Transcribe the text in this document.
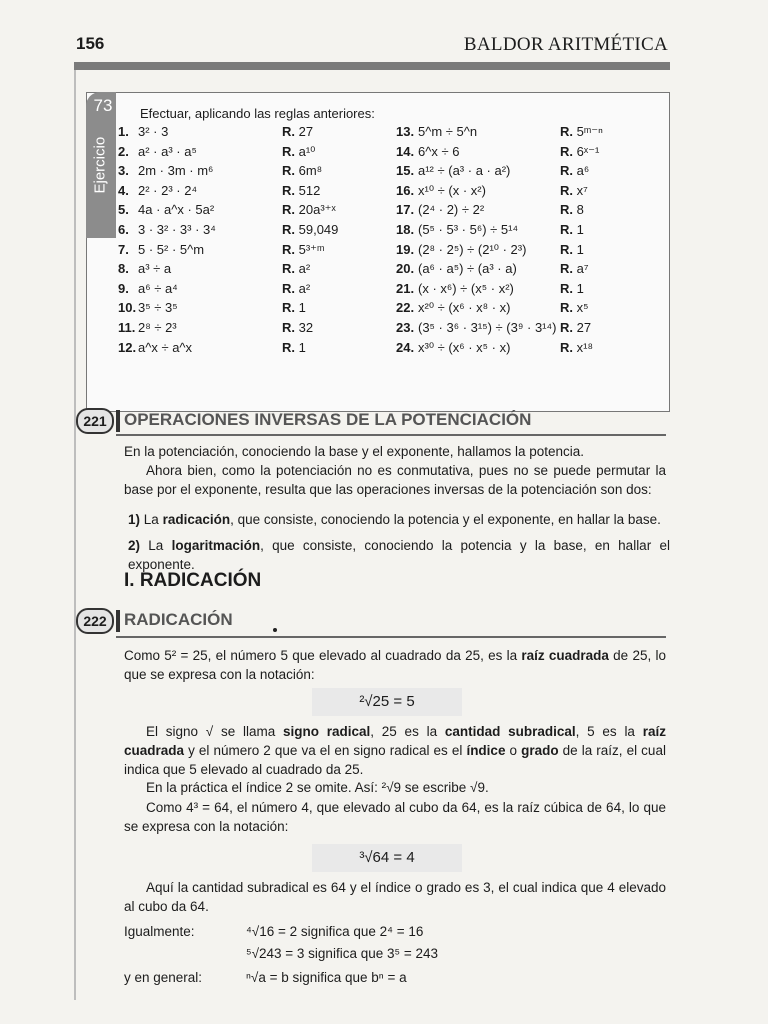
156	BALDOR ARITMÉTICA
73
Ejercicio
Efectuar, aplicando las reglas anteriores:
1. 3² · 3	R. 27
2. a² · a³ · a⁵	R. a¹⁰
3. 2m · 3m · m⁶	R. 6m⁸
4. 2² · 2³ · 2⁴	R. 512
5. 4a · a^x · 5a²	R. 20a³⁺ˣ
6. 3 · 3² · 3³ · 3⁴	R. 59,049
7. 5 · 5² · 5^m	R. 5³⁺ᵐ
8. a³ ÷ a	R. a²
9. a⁶ ÷ a⁴	R. a²
10. 3⁵ ÷ 3⁵	R. 1
11. 2⁸ ÷ 2³	R. 32
12. a^x ÷ a^x	R. 1
13. 5^m ÷ 5^n	R. 5ᵐ⁻ⁿ
14. 6^x ÷ 6	R. 6ˣ⁻¹
15. a¹² ÷ (a³ · a · a²)	R. a⁶
16. x¹⁰ ÷ (x · x²)	R. x⁷
17. (2⁴ · 2) ÷ 2²	R. 8
18. (5⁵ · 5³ · 5⁶) ÷ 5¹⁴	R. 1
19. (2⁸ · 2⁵) ÷ (2¹⁰ · 2³)	R. 1
20. (a⁶ · a⁵) ÷ (a³ · a)	R. a⁷
21. (x · x⁶) ÷ (x⁵ · x²)	R. 1
22. x²⁰ ÷ (x⁶ · x⁸ · x)	R. x⁵
23. (3⁵ · 3⁶ · 3¹⁵) ÷ (3⁹ · 3¹⁴) R. 27
24. x³⁰ ÷ (x⁶ · x⁵ · x)	R. x¹⁸
221	OPERACIONES INVERSAS DE LA POTENCIACIÓN
En la potenciación, conociendo la base y el exponente, hallamos la potencia.
Ahora bien, como la potenciación no es conmutativa, pues no se puede permutar la base por el exponente, resulta que las operaciones inversas de la potenciación son dos:
1) La radicación, que consiste, conociendo la potencia y el exponente, en hallar la base.
2) La logaritmación, que consiste, conociendo la potencia y la base, en hallar el exponente.
I. RADICACIÓN
222	RADICACIÓN
Como 5² = 25, el número 5 que elevado al cuadrado da 25, es la raíz cuadrada de 25, lo que se expresa con la notación:
²√25 = 5
El signo √ se llama signo radical, 25 es la cantidad subradical, 5 es la raíz cuadrada y el número 2 que va el en signo radical es el índice o grado de la raíz, el cual indica que 5 elevado al cuadrado da 25.
En la práctica el índice 2 se omite. Así: ²√9 se escribe √9.
Como 4³ = 64, el número 4, que elevado al cubo da 64, es la raíz cúbica de 64, lo que se expresa con la notación:
³√64 = 4
Aquí la cantidad subradical es 64 y el índice o grado es 3, el cual indica que 4 elevado al cubo da 64.
Igualmente:	⁴√16 = 2 significa que 2⁴ = 16
⁵√243 = 3 significa que 3⁵ = 243
y en general:	ⁿ√a = b significa que bⁿ = a
